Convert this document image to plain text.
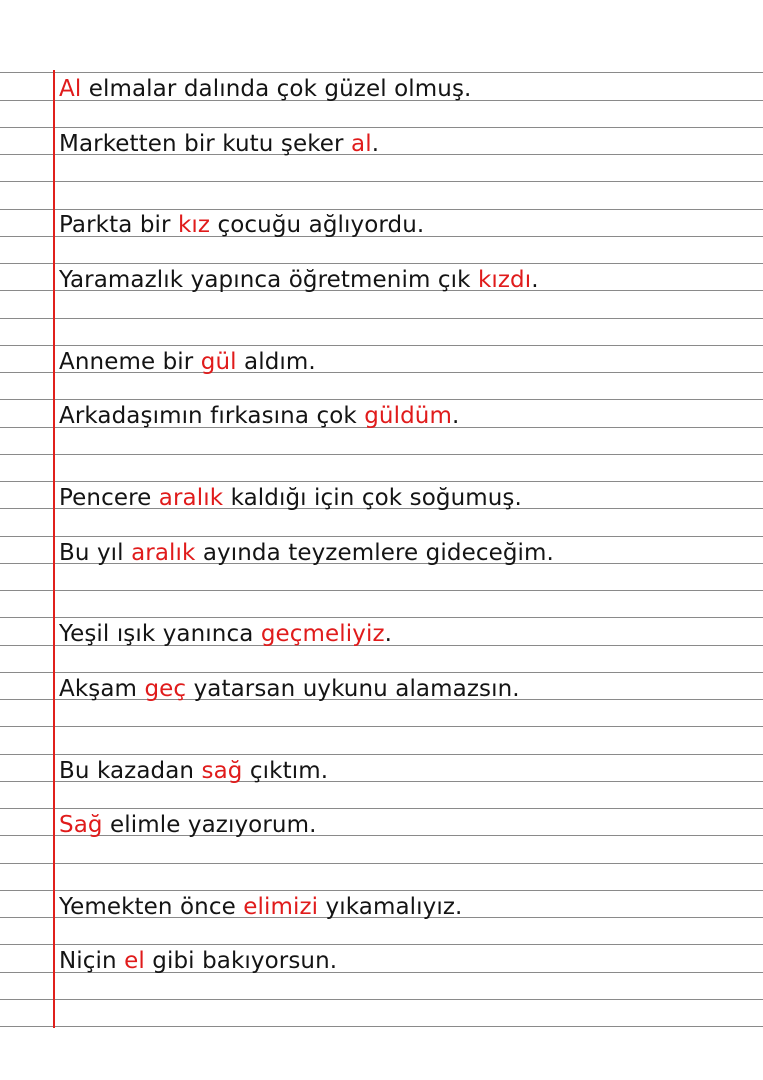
Al elmalar dalında çok güzel olmuş.
Marketten bir kutu şeker al.
Parkta bir kız çocuğu ağlıyordu.
Yaramazlık yapınca öğretmenim çık kızdı.
Anneme bir gül aldım.
Arkadaşımın fırkasına çok güldüm.
Pencere aralık kaldığı için çok soğumuş.
Bu yıl aralık ayında teyzemlere gideceğim.
Yeşil ışık yanınca geçmeliyiz.
Akşam geç yatarsan uykunu alamazsın.
Bu kazadan sağ çıktım.
Sağ elimle yazıyorum.
Yemekten önce elimizi yıkamalıyız.
Niçin el gibi bakıyorsun.
